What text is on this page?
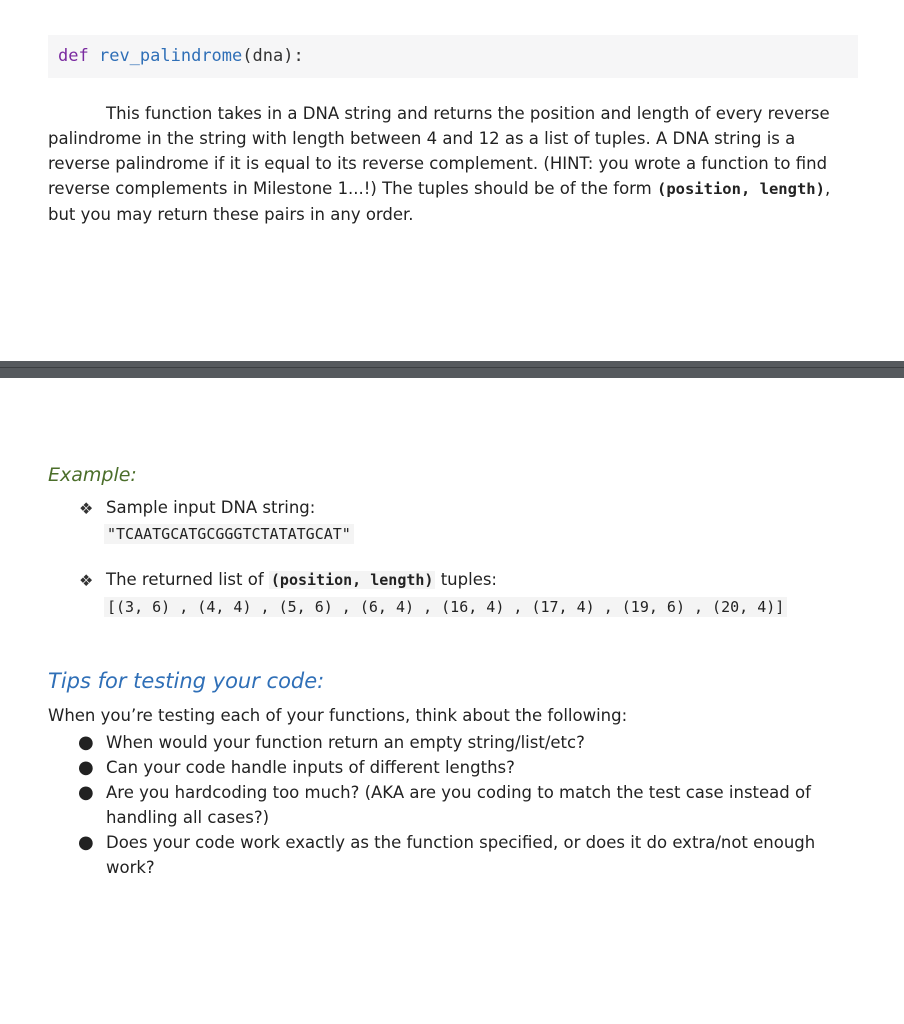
def rev_palindrome(dna):
This function takes in a DNA string and returns the position and length of every reverse palindrome in the string with length between 4 and 12 as a list of tuples. A DNA string is a reverse palindrome if it is equal to its reverse complement. (HINT: you wrote a function to find reverse complements in Milestone 1...!) The tuples should be of the form (position, length), but you may return these pairs in any order.
Example:
❖ Sample input DNA string:
"TCAATGCATGCGGGTCTATATGCAT"
❖ The returned list of (position, length) tuples:
[(3, 6) , (4, 4) , (5, 6) , (6, 4) , (16, 4) , (17, 4) , (19, 6) , (20, 4)]
Tips for testing your code:
When you’re testing each of your functions, think about the following:
● When would your function return an empty string/list/etc?
● Can your code handle inputs of different lengths?
● Are you hardcoding too much? (AKA are you coding to match the test case instead of handling all cases?)
● Does your code work exactly as the function specified, or does it do extra/not enough work?
